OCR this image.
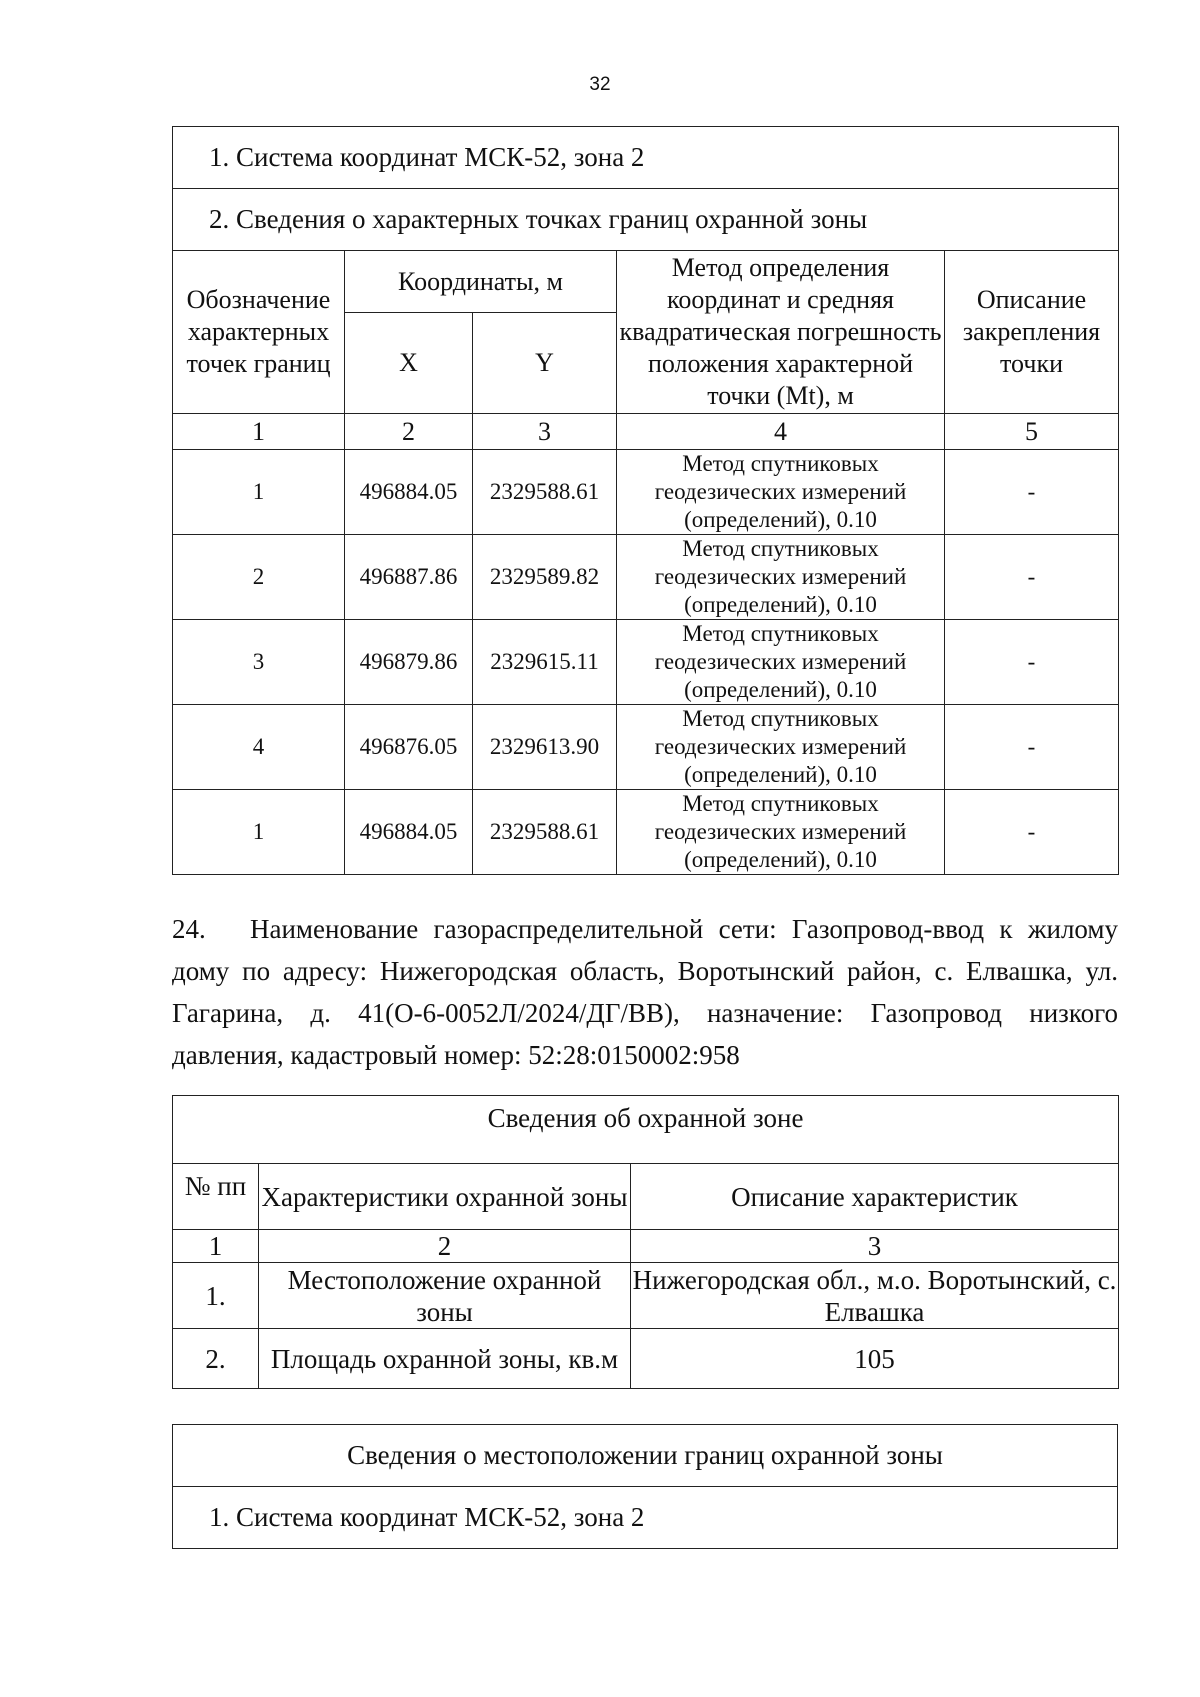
32
1. Система координат МСК-52, зона 2				
2. Сведения о характерных точках границ охранной зоны				
Обозначение характерных точек границ	Координаты, м		Метод определения координат и средняя квадратическая погрешность положения характерной точки (Mt), м	Описание закрепления точки
	X	Y		
1	2	3	4	5
1	496884.05	2329588.61	Метод спутниковых
геодезических измерений
(определений), 0.10	-
2	496887.86	2329589.82	Метод спутниковых
геодезических измерений
(определений), 0.10	-
3	496879.86	2329615.11	Метод спутниковых
геодезических измерений
(определений), 0.10	-
4	496876.05	2329613.90	Метод спутниковых
геодезических измерений
(определений), 0.10	-
1	496884.05	2329588.61	Метод спутниковых
геодезических измерений
(определений), 0.10	-

24. Наименование газораспределительной сети: Газопровод-ввод к жилому дому по адресу: Нижегородская область, Воротынский район, с. Елвашка, ул. Гагарина, д. 41(О-6-0052Л/2024/ДГ/ВВ), назначение: Газопровод низкого давления, кадастровый номер: 52:28:0150002:958

Сведения об охранной зоне		
№ пп	Характеристики охранной зоны	Описание характеристик
1	2	3
1.	Местоположение охранной зоны	Нижегородская обл., м.о. Воротынский, с. Елвашка
2.	Площадь охранной зоны, кв.м	105
Сведения о местоположении границ охранной зоны
1. Система координат МСК-52, зона 2
